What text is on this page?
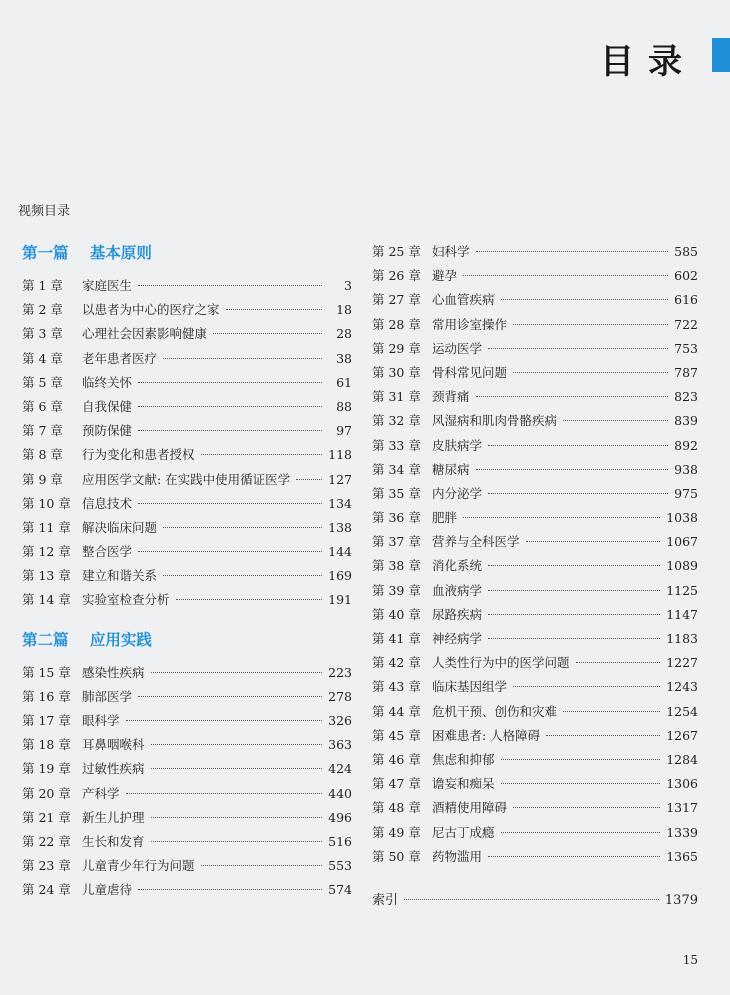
目录
视频目录
第一篇 基本原则
第 1 章	家庭医生	3
第 2 章	以患者为中心的医疗之家	18
第 3 章	心理社会因素影响健康	28
第 4 章	老年患者医疗	38
第 5 章	临终关怀	61
第 6 章	自我保健	88
第 7 章	预防保健	97
第 8 章	行为变化和患者授权	118
第 9 章	应用医学文献: 在实践中使用循证医学	127
第 10 章 信息技术	134
第 11 章 解决临床问题	138
第 12 章 整合医学	144
第 13 章 建立和谐关系	169
第 14 章 实验室检查分析	191
第二篇 应用实践
第 15 章 感染性疾病	223
第 16 章 肺部医学	278
第 17 章 眼科学	326
第 18 章 耳鼻咽喉科	363
第 19 章 过敏性疾病	424
第 20 章 产科学	440
第 21 章 新生儿护理	496
第 22 章 生长和发育	516
第 23 章 儿童青少年行为问题	553
第 24 章 儿童虐待	574
第 25 章 妇科学	585
第 26 章 避孕	602
第 27 章 心血管疾病	616
第 28 章 常用诊室操作	722
第 29 章 运动医学	753
第 30 章 骨科常见问题	787
第 31 章 颈背痛	823
第 32 章 风湿病和肌肉骨骼疾病	839
第 33 章 皮肤病学	892
第 34 章 糖尿病	938
第 35 章 内分泌学	975
第 36 章 肥胖	1038
第 37 章 营养与全科医学	1067
第 38 章 消化系统	1089
第 39 章 血液病学	1125
第 40 章 尿路疾病	1147
第 41 章 神经病学	1183
第 42 章 人类性行为中的医学问题	1227
第 43 章 临床基因组学	1243
第 44 章 危机干预、创伤和灾难	1254
第 45 章 困难患者: 人格障碍	1267
第 46 章 焦虑和抑郁	1284
第 47 章 谵妄和痴呆	1306
第 48 章 酒精使用障碍	1317
第 49 章 尼古丁成瘾	1339
第 50 章 药物滥用	1365
索引	1379
15
